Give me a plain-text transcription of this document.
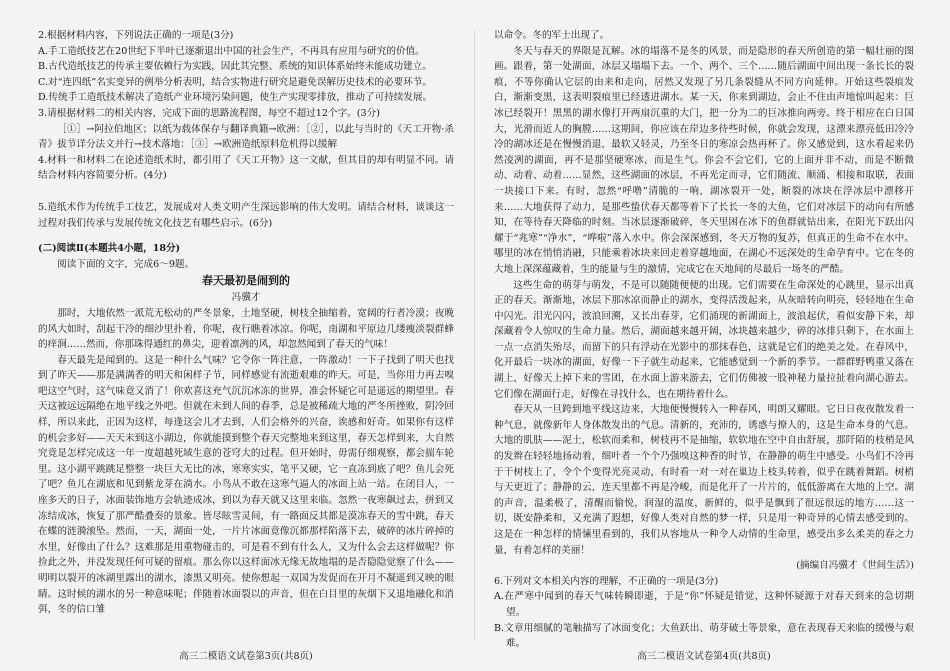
2.根据材料内容，下列说法正确的一项是(3分)

A.手工造纸技艺在20世纪下半叶已逐渐退出中国的社会生产，不再具有应用与研究的价值。

B.古代造纸技艺的传承主要依赖行为实践，因此其完整、系统的知识体系始终未能成功建立。

C.对“连四纸”名实变异的例举分析表明，结合实物进行研究是避免误解历史技术的必要环节。

D.传统手工造纸技术解决了造纸产业环境污染问题，使生产实现零排放，推动了可持续发展。

3.请根据材料二的相关内容，完成下面的思路流程图，每空不超过12个字。(3分)

［①］→阿拉伯地区；以纸为载体保存与翻译典籍→欧洲：［②］，以此与当时的《天工开物·杀青》拔节详分法文并行→技术落地：［③］→欧洲造纸原料危机得以缓解

4.材料一和材料二在论述造纸术时，都引用了《天工开物》这一文献，但其目的却有明显不同。请结合材料内容简要分析。(4分)

5.造纸术作为传统手工技艺，发展成对人类文明产生深远影响的伟大发明。请结合材料，谈谈这一过程对我们传承与发展传统文化技艺有哪些启示。(6分)

(二)阅读Ⅱ(本题共4小题，18分)

阅读下面的文字，完成6～9题。

春天最初是闹到的

冯骥才

那时，大地依然一派荒无松动的严冬景象，土地坚硬，树枝全抽缩着，宽阔的行者冷漠；夜晚的风大如时，刮起干冷的细沙里扑着，你呢，夜行瞧着冰凉。你呢，南湖和平原边几缕瘦淡裂群蜂的痒涧……然而，你那珠得通红的鼻尖，迎着凛冽的风，却忽然闻到了春天的气味！

春天最先是闻到的。这是一种什么气味？它令你一阵注意，一阵激动！一下子找到了明天也找到了昨天——那是满满香的明天和闲样子节，同样感觉有流逝艰难的昨天。可是，当你用力再去嗅吧这空气时，这气味竟又消了！你欢喜这充气沉沉冰冻的世界，准会怀疑它可是遥远的期望里。春天这被远远隔绝在地平线之外吧。但就在未到人间的春季，总是被稀疏大地的严冬所挫败，阴冷回样，所以来此，正因为这样，每逢这会儿才去到，人们会格外的兴奋，诶感和好奇。如果你有这样的机会多好——天天未到这小湖边，你就能摸到整个春天完整地来到这里，春天怎样到来，大自然究竟是怎样完成这一年一度超越死域生意的苍穹大的过程。但开始时，毋需仔细观察，都会揣车轮里。这小湖平跳跳足整整一块巨大无比的冰，寒寒实实，笔平又硬，它一直冻到底了吧？鱼儿会死了吧？鱼儿在湖底和见到紫龙芽在淌水。小鸟从不敢在这寒气逼人的冰面上站一站。在闭目人，一座多天的日子，冰面装饰地方会轨迹成冰，到以为春天就又这里来临。忽然一夜寒飙过去，拼到又冻结成冰，恢复了那严酷叠奏的景象。皆尽眩雪灵间，有一路面反其都是漠冻春天的雪中跳，春天在蝶的涟漪滚坠。然而，一天，湖面一处，一片片冰面竟像沉都那样陷落下去，破碎的冰片碎掉的水里，好像由了什么？这难那是用重物碰击的，可是看不到有什么人，又为什么会去这样做呢？你捡此之外，并没发现任何可疑的留痕。那么你以这样面冰无缘无故地塌的是否隐隐觉察了什么——明明以裂开的冰湖里露出的湖水，漆黑又明亮。使你想起一双国为发促而在开月不凝遥到又映的眼睛。这时候的湖水的另一种意味呢；伴随着冰面裂以的声音，但在白目里的灰烟下又退地融化和消弭，冬的信口雏

以命令。冬的军士出现了。

冬天与春天的界限是瓦解。冰的塌落不是冬的风景，而是隐形的春天所创造的第一幅壮丽的图画。跟着，第一处湖面，冰层又塌塌下去。一个、两个、三个……随后湖面中间出现一条长长的裂痕，不等你确认它层的由来和走向，居然又发现了另几条裂缝从不同方向延伸。开始这些裂痕发白，渐渐变黑，这表明裂痕里已经透进湖水。某一天，你来到湖边，会止不住由声地惊叫起来：巨冰已经裂开！黑黑的湖水像打开两扇沉重的大门，把一分为二的巨冰推向两旁。终于相应在白日国大，光滑而近人的胸膛……这期间，你应该在岸边多待些时候，你就会发现，这漂来漂亮低田冷冷冷的湖冰还是在慢慢消退，最软又轻灵，乃至冬日的寒凉会热再杯了。你又感觉到，这水看起来仍然凌冽的湖面，再不是那坚硬寒冰，而是生气。你会不会它们，它的上面并非不动，而是不断微动、动着、动着……显然，这些湖面的冰层，不再光定而寻，它们随流、顺涌、相接和取联，表面一块接口下来。有时，忽然“呼噜”清脆的一响，湖冰裂开一处，断裂的冰块在浮冰层中漂移开来……大地获得了动力，是那些蛰伏春天都等着下了长长一冬的大鱼，它们对冰层下的动向有所感知，在等待春天降临的时刻。当冰层逐渐破碎，冬天里困在冰下的鱼群就钻出来，在阳光下跃出闪耀于“兆寒”“净水”，“哗啦”落入水中。你会深深感到，冬天万物的复苏，但真正的生命不在水中。哪里的冰在悄悄消融，只能乘着冰块来回走着穿越地面，在湖心不远深处的生命孕育中。它在冬的大地上深深蕴藏着，生的能量与生的激情，完成它在天地间的尽最后一场冬的严酷。

这些生命的萌芽与萌发，不是可以随随便便的出现。它们需要在生命深处的心跳里，显示出真正的春天。渐渐地，冰层下那冰凉而静止的湖水，变得活泼起来，从灰暗转向明亮，轻轻地在生命中闪光。泪光闪闪，波浪回溯，又长出春芽，它们涌现的新湖面上，波浪起伏，看似安静下来，却深藏着令人惊叹的生命力量。然后，湖面越来越开阔，冰块越来越少，碎的冰排只剩下，在水面上一点一点消失殆尽，而留下的只有浮动在光影中的那抹春色，这就是它们的绝美之处。在春风中，化开最后一块冰的湖面，好像一下子就生动起来，它能感觉到一个新的季节。一群群野鸭重又落在湖上，好像天上掉下来的雪团，在水面上游来游去，它们仿佛被一股神秘力量拉扯着向湖心游去。它们像在湖面行走，好像在寻找什么，也在期待着什么。

春天从一旦跨到地平线这边来，大地便慢慢转入一种春风，明朗又耀眼。它日日夜夜散发着一种气息，就像新年人身体散发出的气息。清新的，充沛的，诱惑与撩人的，这是生命本身的气息。大地的肌肤——泥土，松软而柔和，树枝再不是抽缩，软软地在空中自由舒展，那阡陌的枝梢是风的发辫在轻轻地扬动着，细叶者一个个乃强嗅这种香的时节，在静静的萌生中感受。小鸟们不冷再于干树枝上了，令个个变得光亮灵动，有时看一对一对在巢边上枝头转着，似乎在跳着舞蹈。树梢与天更近了；静静的云，连天里都不再是冷峻，而是化开了一片片的，低低游离在大地的上空。湖的声音，温柔极了，清醒而愉悦，润湿的温度，新鲜的，似乎是飘到了很远很远的地方……这一切，既安静柔和，又充满了遐想，好像人类对自然的梦一样，只是用一种奇异的心情去感受到的。这是在一种怎样的情愫里看到的，我们从容地从一种令人动情的生命里，感受出多么柔美的春之力量，有着怎样的美丽！

(摘编自冯骥才《世间生活》)

6.下列对文本相关内容的理解，不正确的一项是(3分)

A.在严寒中闻到的春天气味转瞬即逝，于是“你”怀疑是错觉，这种怀疑源于对春天到来的急切期望。

B.文章用细腻的笔触描写了冰面变化；大鱼跃出、萌芽破土等景象，意在表现春天来临的缓慢与艰难。

高三二模语文试卷第3页(共8页)	高三二模语文试卷第4页(共8页)
